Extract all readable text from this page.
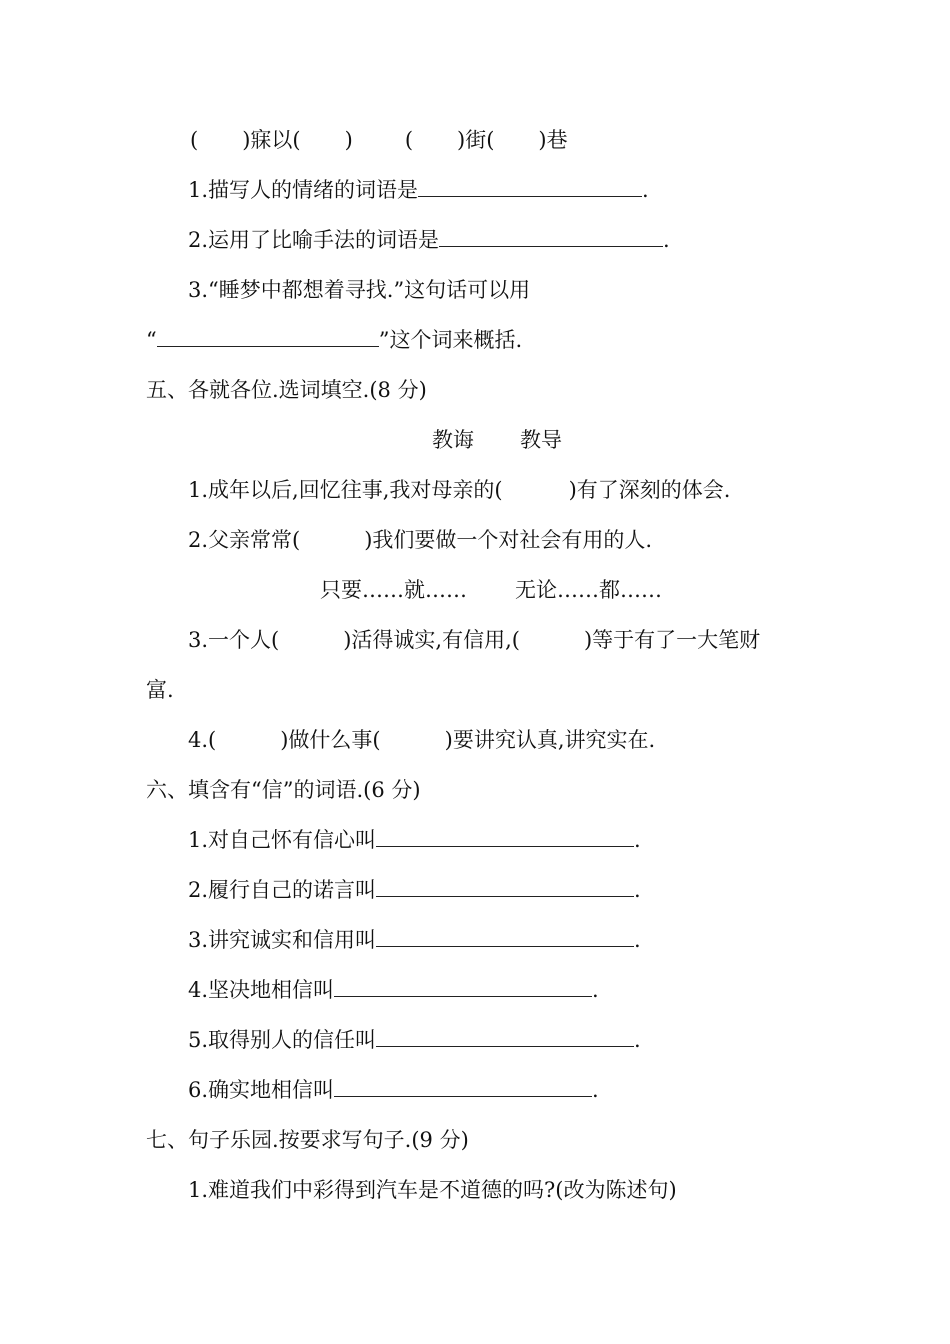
( )寐以( ) ( )街( )巷
1.描写人的情绪的词语是	.
2.运用了比喻手法的词语是	.
3.“睡梦中都想着寻找.”这句话可以用
“	”这个词来概括.
五、各就各位.选词填空.(8 分)
教诲 教导
1.成年以后,回忆往事,我对母亲的(	)有了深刻的体会.
2.父亲常常(	)我们要做一个对社会有用的人.
只要……就…… 无论……都……
3.一个人(	)活得诚实,有信用,(	)等于有了一大笔财
富.
4.(	)做什么事(	)要讲究认真,讲究实在.
六、填含有“信”的词语.(6 分)
1.对自己怀有信心叫	.
2.履行自己的诺言叫	.
3.讲究诚实和信用叫	.
4.坚决地相信叫	.
5.取得别人的信任叫	.
6.确实地相信叫	.
七、句子乐园.按要求写句子.(9 分)
1.难道我们中彩得到汽车是不道德的吗?(改为陈述句)
